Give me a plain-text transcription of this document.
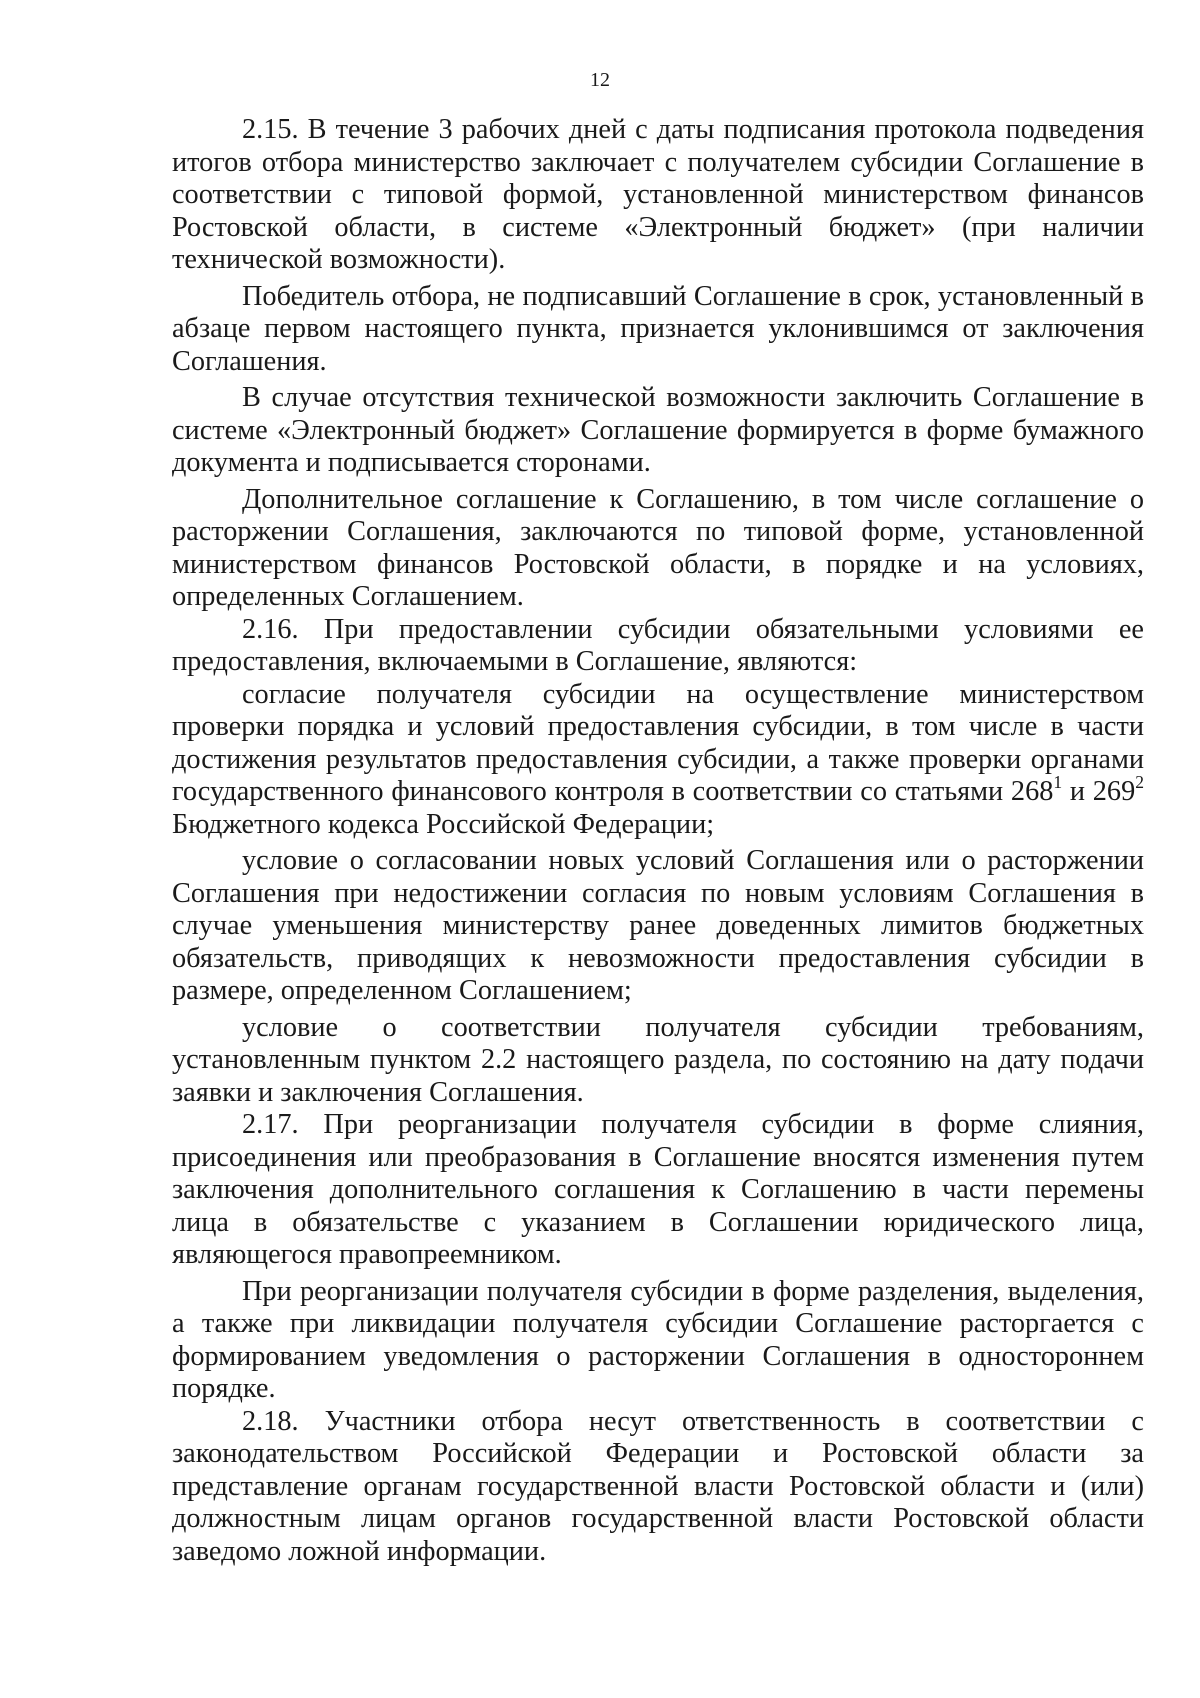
12

2.15. В течение 3 рабочих дней с даты подписания протокола подведения итогов отбора министерство заключает с получателем субсидии Соглашение в соответствии с типовой формой, установленной министерством финансов Ростовской области, в системе «Электронный бюджет» (при наличии технической возможности).

Победитель отбора, не подписавший Соглашение в срок, установленный в абзаце первом настоящего пункта, признается уклонившимся от заключения Соглашения.

В случае отсутствия технической возможности заключить Соглашение в системе «Электронный бюджет» Соглашение формируется в форме бумажного документа и подписывается сторонами.

Дополнительное соглашение к Соглашению, в том числе соглашение о расторжении Соглашения, заключаются по типовой форме, установленной министерством финансов Ростовской области, в порядке и на условиях, определенных Соглашением.

2.16. При предоставлении субсидии обязательными условиями ее предоставления, включаемыми в Соглашение, являются:

согласие получателя субсидии на осуществление министерством проверки порядка и условий предоставления субсидии, в том числе в части достижения результатов предоставления субсидии, а также проверки органами государственного финансового контроля в соответствии со статьями $268^1$ и $269^2$ Бюджетного кодекса Российской Федерации;

условие о согласовании новых условий Соглашения или о расторжении Соглашения при недостижении согласия по новым условиям Соглашения в случае уменьшения министерству ранее доведенных лимитов бюджетных обязательств, приводящих к невозможности предоставления субсидии в размере, определенном Соглашением;

условие о соответствии получателя субсидии требованиям, установленным пунктом 2.2 настоящего раздела, по состоянию на дату подачи заявки и заключения Соглашения.

2.17. При реорганизации получателя субсидии в форме слияния, присоединения или преобразования в Соглашение вносятся изменения путем заключения дополнительного соглашения к Соглашению в части перемены лица в обязательстве с указанием в Соглашении юридического лица, являющегося правопреемником.

При реорганизации получателя субсидии в форме разделения, выделения, а также при ликвидации получателя субсидии Соглашение расторгается с формированием уведомления о расторжении Соглашения в одностороннем порядке.

2.18. Участники отбора несут ответственность в соответствии с законодательством Российской Федерации и Ростовской области за представление органам государственной власти Ростовской области и (или) должностным лицам органов государственной власти Ростовской области заведомо ложной информации.
